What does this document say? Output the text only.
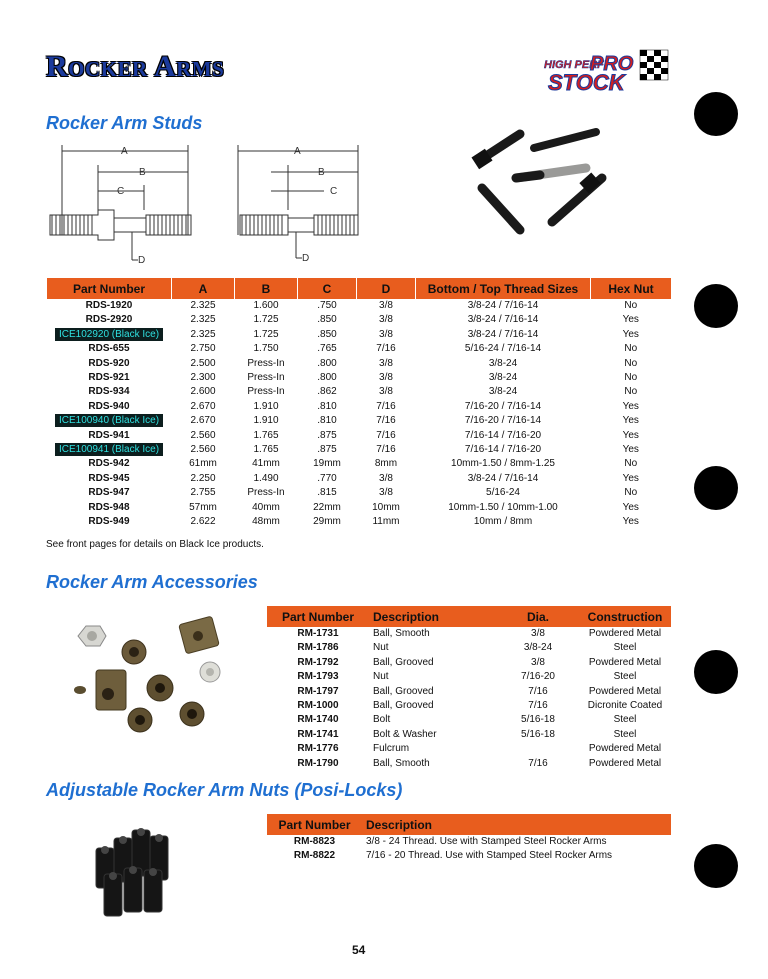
Rocker Arms	HIGH PERF
PRO
STOCK
Rocker Arm Studs
A
B
C
D
A
B
C
D
Part Number	A	B	C	D	Bottom / Top Thread Sizes	Hex Nut
RDS-1920	2.325	1.600	.750	3/8	3/8-24 / 7/16-14	No
RDS-2920	2.325	1.725	.850	3/8	3/8-24 / 7/16-14	Yes
ICE102920 (Black Ice)	2.325	1.725	.850	3/8	3/8-24 / 7/16-14	Yes
RDS-655	2.750	1.750	.765	7/16	5/16-24 / 7/16-14	No
RDS-920	2.500	Press-In	.800	3/8	3/8-24	No
RDS-921	2.300	Press-In	.800	3/8	3/8-24	No
RDS-934	2.600	Press-In	.862	3/8	3/8-24	No
RDS-940	2.670	1.910	.810	7/16	7/16-20 / 7/16-14	Yes
ICE100940 (Black Ice)	2.670	1.910	.810	7/16	7/16-20 / 7/16-14	Yes
RDS-941	2.560	1.765	.875	7/16	7/16-14 / 7/16-20	Yes
ICE100941 (Black Ice)	2.560	1.765	.875	7/16	7/16-14 / 7/16-20	Yes
RDS-942	61mm	41mm	19mm	8mm	10mm-1.50 / 8mm-1.25	No
RDS-945	2.250	1.490	.770	3/8	3/8-24 / 7/16-14	Yes
RDS-947	2.755	Press-In	.815	3/8	5/16-24	No
RDS-948	57mm	40mm	22mm	10mm	10mm-1.50 / 10mm-1.00	Yes
RDS-949	2.622	48mm	29mm	11mm	10mm / 8mm	Yes
See front pages for details on Black Ice products.
Rocker Arm Accessories
Part Number	Description	Dia.	Construction
RM-1731	Ball, Smooth	3/8	Powdered Metal
RM-1786	Nut	3/8-24	Steel
RM-1792	Ball, Grooved	3/8	Powdered Metal
RM-1793	Nut	7/16-20	Steel
RM-1797	Ball, Grooved	7/16	Powdered Metal
RM-1000	Ball, Grooved	7/16	Dicronite Coated
RM-1740	Bolt	5/16-18	Steel
RM-1741	Bolt & Washer	5/16-18	Steel
RM-1776	Fulcrum		Powdered Metal
RM-1790	Ball, Smooth	7/16	Powdered Metal
Adjustable Rocker Arm Nuts (Posi-Locks)
Part Number	Description
RM-8823	3/8 - 24 Thread. Use with Stamped Steel Rocker Arms
RM-8822	7/16 - 20 Thread. Use with Stamped Steel Rocker Arms
54
